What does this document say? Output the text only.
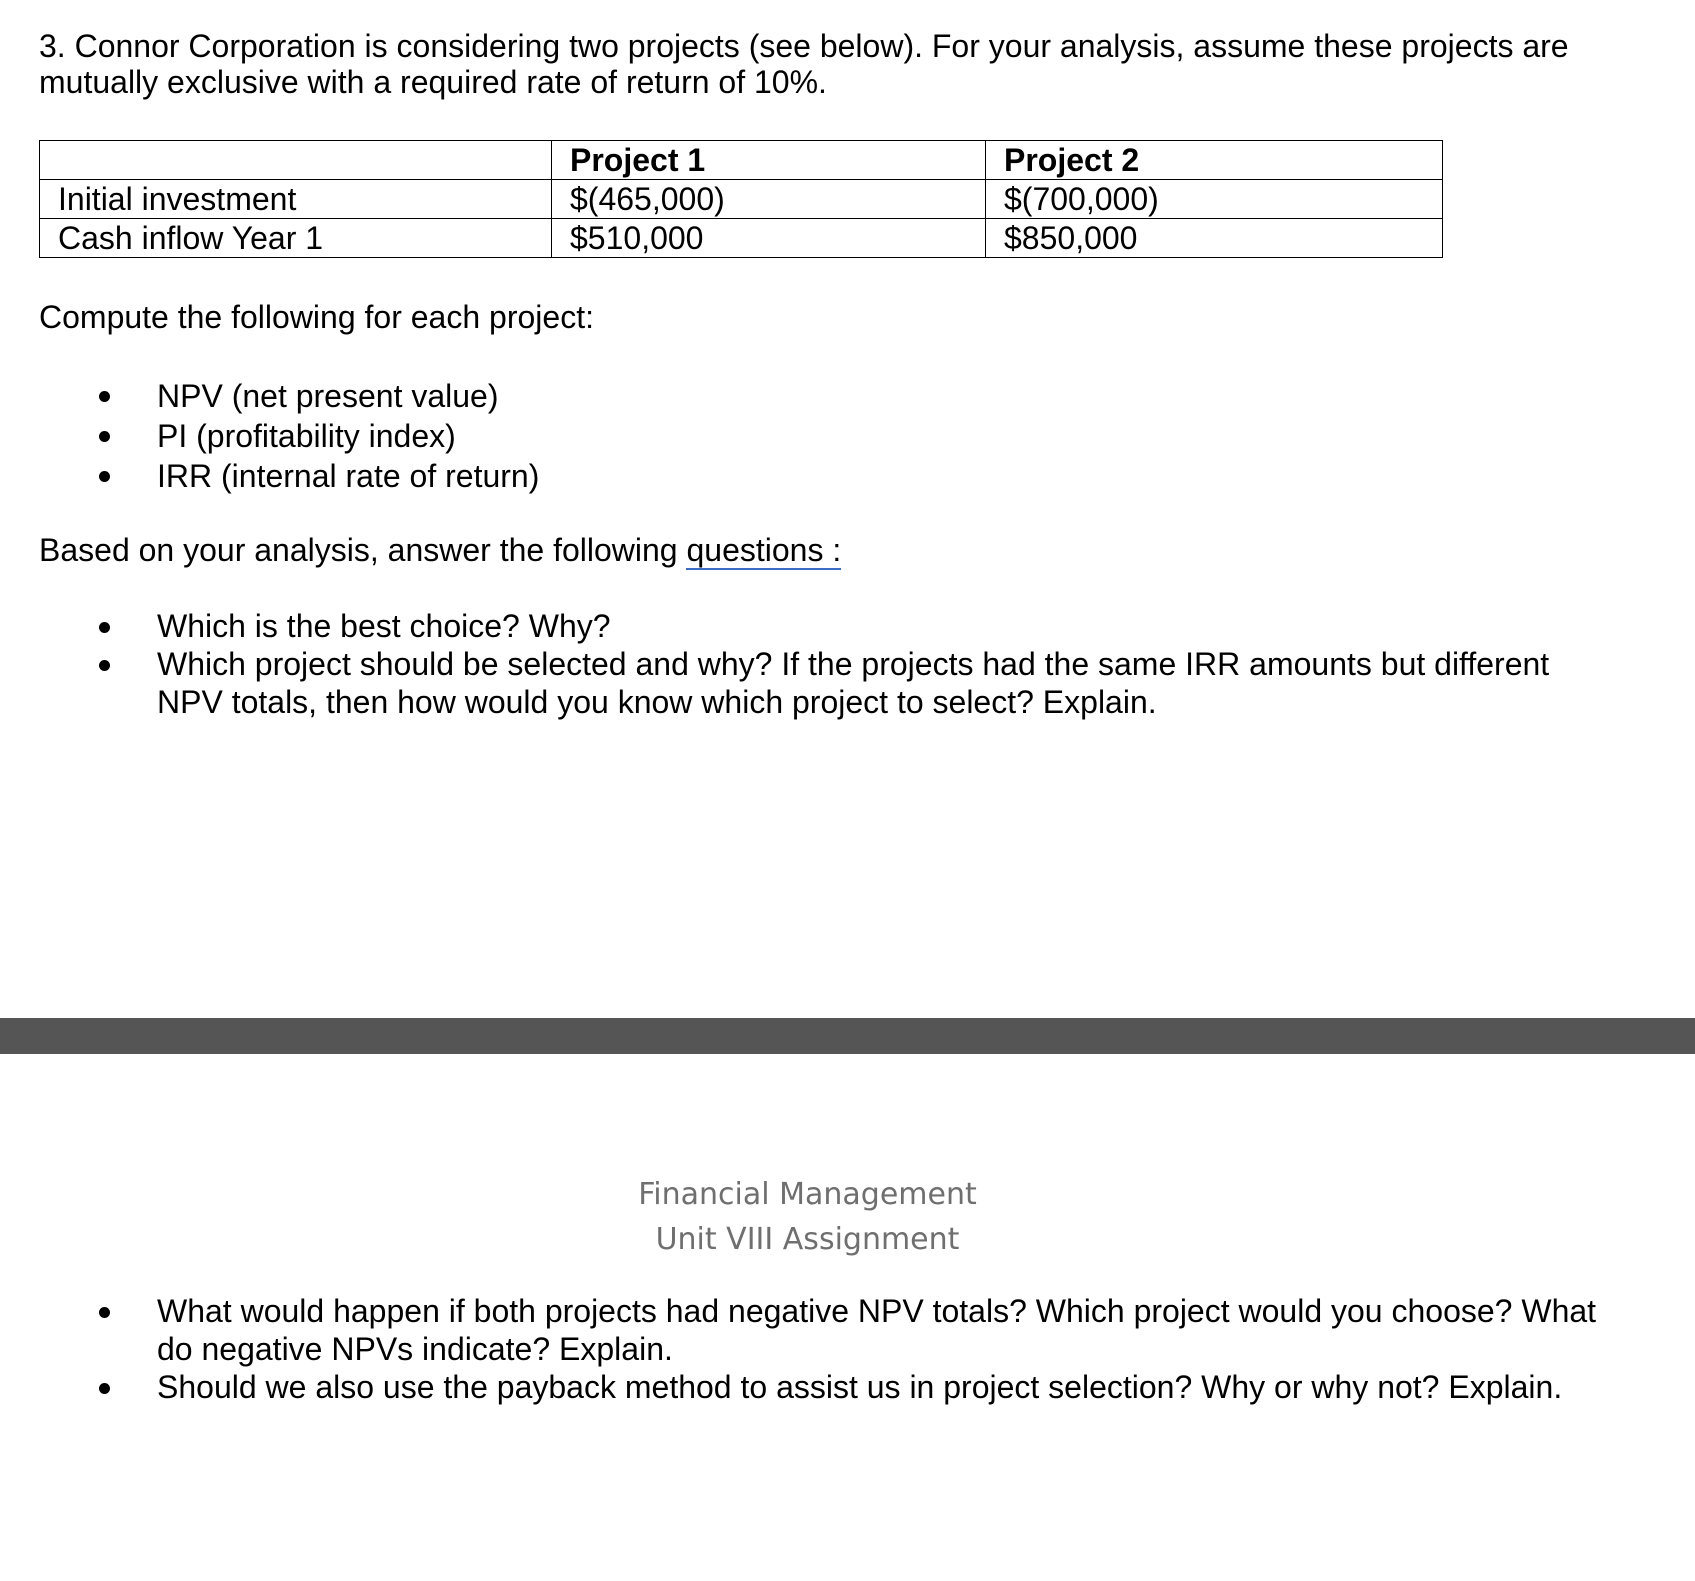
3. Connor Corporation is considering two projects (see below). For your analysis, assume these projects are mutually exclusive with a required rate of return of 10%.

	Project 1	Project 2
Initial investment	$(465,000)	$(700,000)
Cash inflow Year 1	$510,000	$850,000

Compute the following for each project:

NPV (net present value)
PI (profitability index)
IRR (internal rate of return)

Based on your analysis, answer the following questions :

Which is the best choice? Why?
Which project should be selected and why? If the projects had the same IRR amounts but different NPV totals, then how would you know which project to select? Explain.
Financial Management
Unit VIII Assignment
What would happen if both projects had negative NPV totals? Which project would you choose? What do negative NPVs indicate? Explain.
Should we also use the payback method to assist us in project selection? Why or why not? Explain.
